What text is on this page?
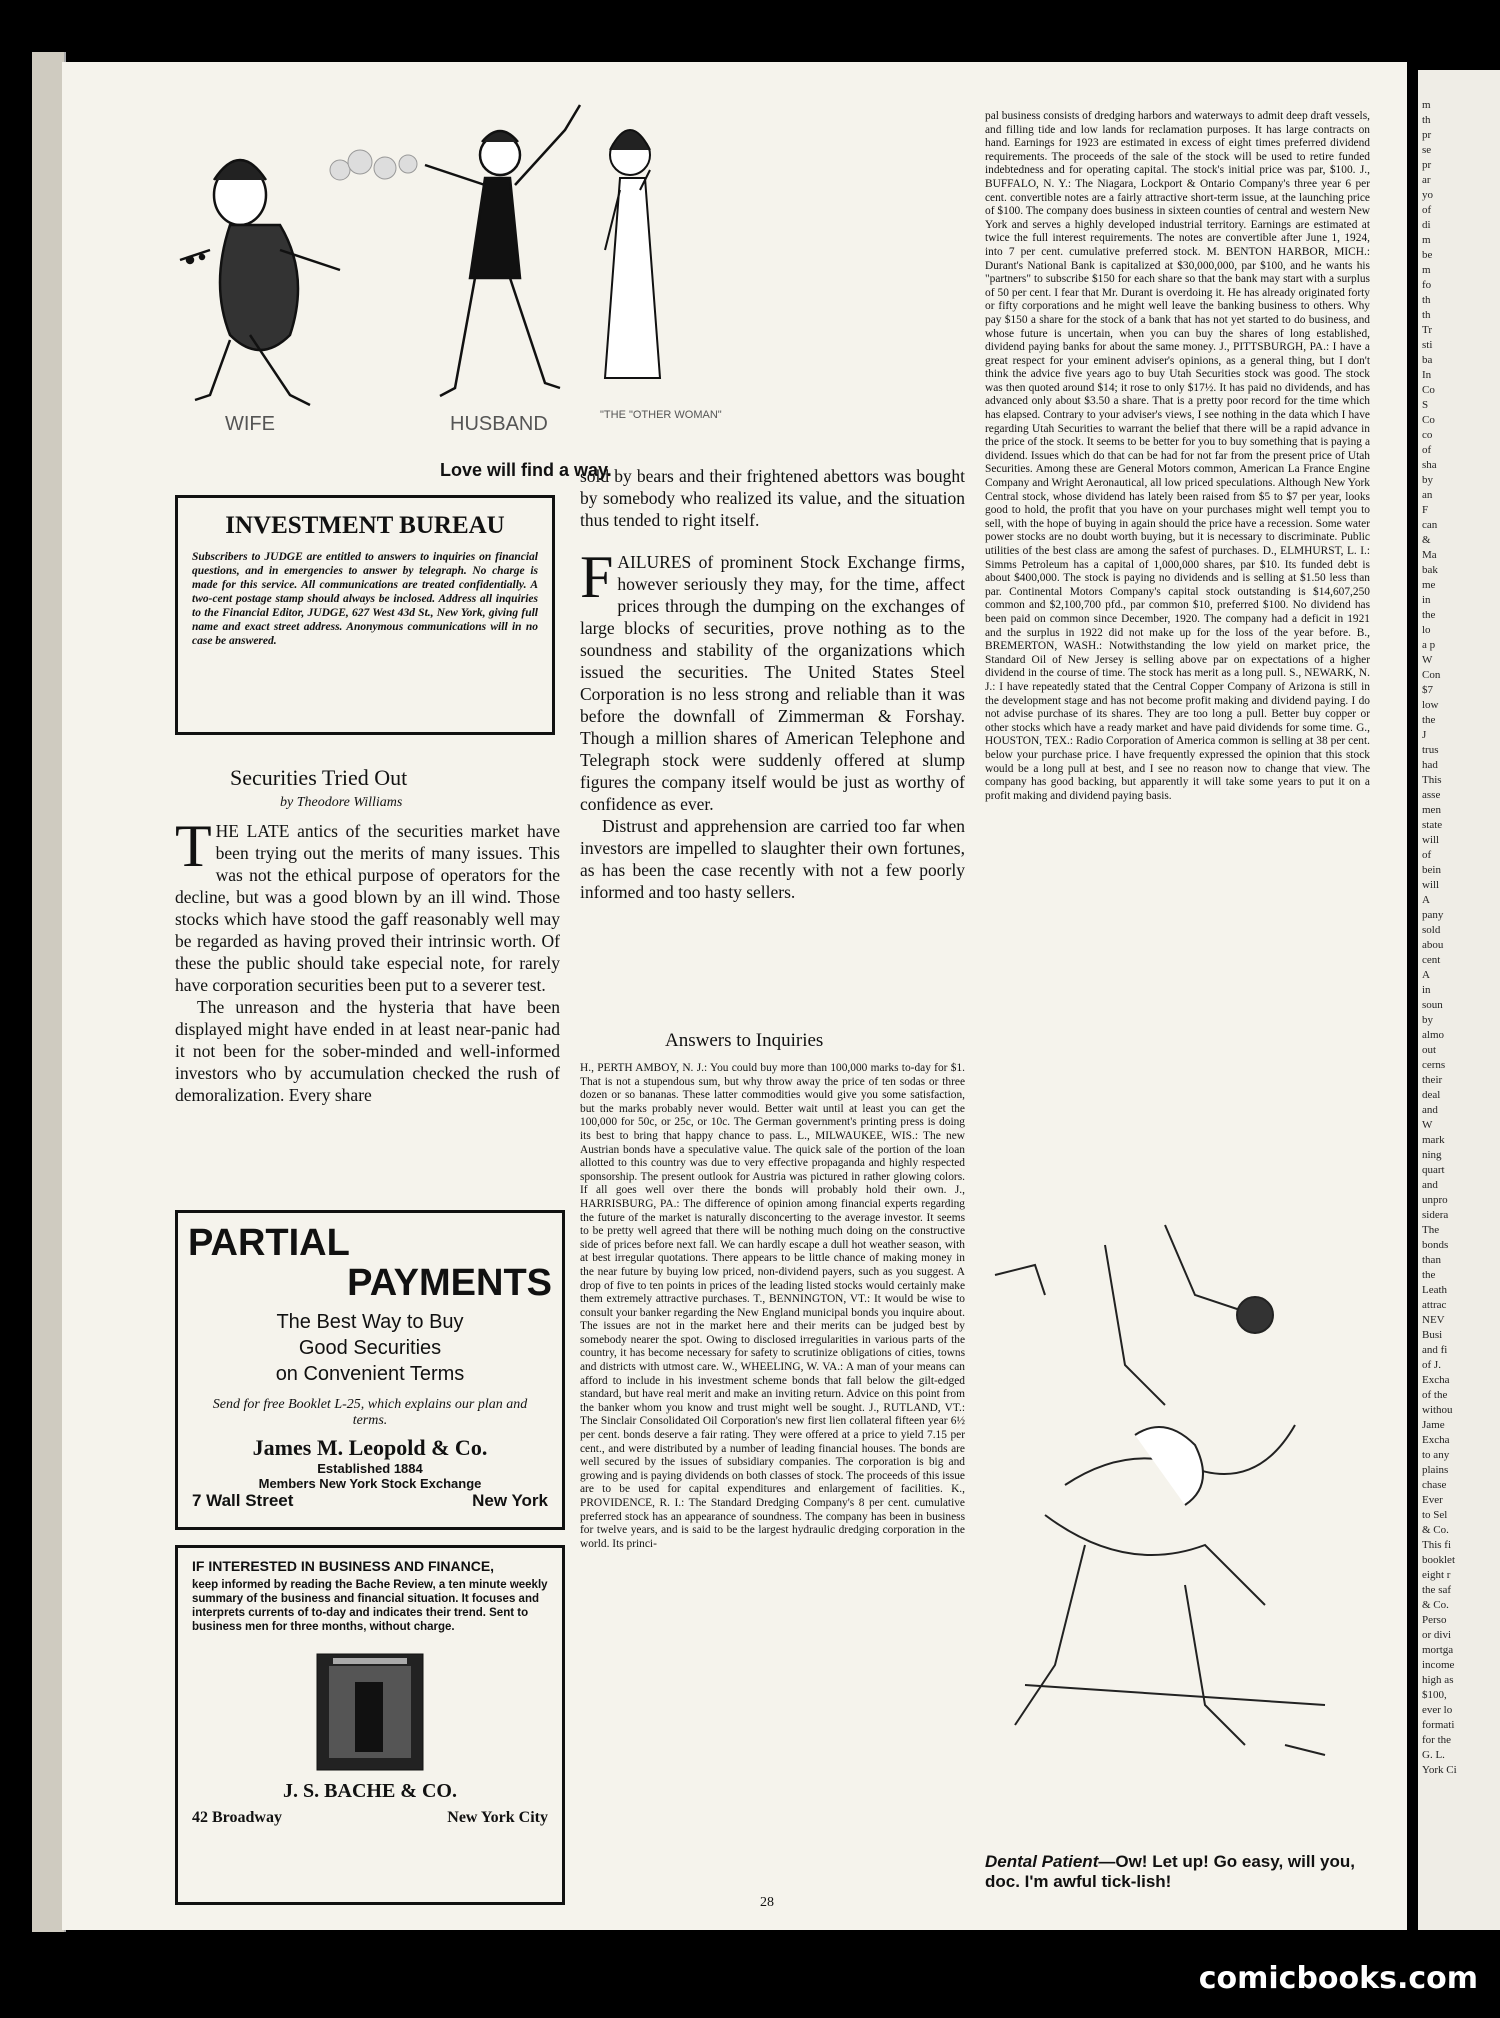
WIFE	HUSBAND	"THE "OTHER WOMAN"
Love will find a way.
INVESTMENT BUREAU

Subscribers to JUDGE are entitled to answers to inquiries on financial questions, and in emergencies to answer by telegraph. No charge is made for this service. All communications are treated confidentially. A two-cent postage stamp should always be inclosed. Address all inquiries to the Financial Editor, JUDGE, 627 West 43d St., New York, giving full name and exact street address. Anonymous communications will in no case be answered.

Securities Tried Out
by Theodore Williams
T HE LATE antics of the securities market have been trying out the merits of many issues. This was not the ethical purpose of operators for the decline, but was a good blown by an ill wind. Those stocks which have stood the gaff reasonably well may be regarded as having proved their intrinsic worth. Of these the public should take especial note, for rarely have corporation securities been put to a severer test.
The unreason and the hysteria that have been displayed might have ended in at least near-panic had it not been for the sober-minded and well-informed investors who by accumulation checked the rush of demoralization. Every share
PARTIAL
PAYMENTS
The Best Way to Buy
Good Securities
on Convenient Terms
Send for free Booklet L-25, which explains our plan and terms.
James M. Leopold & Co.
Established 1884
Members New York Stock Exchange
7 Wall Street	New York
IF INTERESTED IN BUSINESS AND FINANCE,
keep informed by reading the Bache Review, a ten minute weekly summary of the business and financial situation. It focuses and interprets currents of to-day and indicates their trend. Sent to business men for three months, without charge.
J. S. BACHE & CO.
42 Broadway	New York City
sold by bears and their frightened abettors was bought by somebody who realized its value, and the situation thus tended to right itself.
FAILURES of prominent Stock Exchange firms, however seriously they may, for the time, affect prices through the dumping on the exchanges of large blocks of securities, prove nothing as to the soundness and stability of the organizations which issued the securities. The United States Steel Corporation is no less strong and reliable than it was before the downfall of Zimmerman & Forshay. Though a million shares of American Telephone and Telegraph stock were suddenly offered at slump figures the company itself would be just as worthy of confidence as ever.
Distrust and apprehension are carried too far when investors are impelled to slaughter their own fortunes, as has been the case recently with not a few poorly informed and too hasty sellers.
Answers to Inquiries
H., PERTH AMBOY, N. J.: You could buy more than 100,000 marks to-day for $1. That is not a stupendous sum, but why throw away the price of ten sodas or three dozen or so bananas. These latter commodities would give you some satisfaction, but the marks probably never would. Better wait until at least you can get the 100,000 for 50c, or 25c, or 10c. The German government's printing press is doing its best to bring that happy chance to pass. L., MILWAUKEE, WIS.: The new Austrian bonds have a speculative value. The quick sale of the portion of the loan allotted to this country was due to very effective propaganda and highly respected sponsorship. The present outlook for Austria was pictured in rather glowing colors. If all goes well over there the bonds will probably hold their own. J., HARRISBURG, PA.: The difference of opinion among financial experts regarding the future of the market is naturally disconcerting to the average investor. It seems to be pretty well agreed that there will be nothing much doing on the constructive side of prices before next fall. We can hardly escape a dull hot weather season, with at best irregular quotations. There appears to be little chance of making money in the near future by buying low priced, non-dividend payers, such as you suggest. A drop of five to ten points in prices of the leading listed stocks would certainly make them extremely attractive purchases. T., BENNINGTON, VT.: It would be wise to consult your banker regarding the New England municipal bonds you inquire about. The issues are not in the market here and their merits can be judged best by somebody nearer the spot. Owing to disclosed irregularities in various parts of the country, it has become necessary for safety to scrutinize obligations of cities, towns and districts with utmost care. W., WHEELING, W. VA.: A man of your means can afford to include in his investment scheme bonds that fall below the gilt-edged standard, but have real merit and make an inviting return. Advice on this point from the banker whom you know and trust might well be sought. J., RUTLAND, VT.: The Sinclair Consolidated Oil Corporation's new first lien collateral fifteen year 6½ per cent. bonds deserve a fair rating. They were offered at a price to yield 7.15 per cent., and were distributed by a number of leading financial houses. The bonds are well secured by the issues of subsidiary companies. The corporation is big and growing and is paying dividends on both classes of stock. The proceeds of this issue are to be used for capital expenditures and enlargement of facilities. K., PROVIDENCE, R. I.: The Standard Dredging Company's 8 per cent. cumulative preferred stock has an appearance of soundness. The company has been in business for twelve years, and is said to be the largest hydraulic dredging corporation in the world. Its princi-
pal business consists of dredging harbors and waterways to admit deep draft vessels, and filling tide and low lands for reclamation purposes. It has large contracts on hand. Earnings for 1923 are estimated in excess of eight times preferred dividend requirements. The proceeds of the sale of the stock will be used to retire funded indebtedness and for operating capital. The stock's initial price was par, $100. J., BUFFALO, N. Y.: The Niagara, Lockport & Ontario Company's three year 6 per cent. convertible notes are a fairly attractive short-term issue, at the launching price of $100. The company does business in sixteen counties of central and western New York and serves a highly developed industrial territory. Earnings are estimated at twice the full interest requirements. The notes are convertible after June 1, 1924, into 7 per cent. cumulative preferred stock. M. BENTON HARBOR, MICH.: Durant's National Bank is capitalized at $30,000,000, par $100, and he wants his "partners" to subscribe $150 for each share so that the bank may start with a surplus of 50 per cent. I fear that Mr. Durant is overdoing it. He has already originated forty or fifty corporations and he might well leave the banking business to others. Why pay $150 a share for the stock of a bank that has not yet started to do business, and whose future is uncertain, when you can buy the shares of long established, dividend paying banks for about the same money. J., PITTSBURGH, PA.: I have a great respect for your eminent adviser's opinions, as a general thing, but I don't think the advice five years ago to buy Utah Securities stock was good. The stock was then quoted around $14; it rose to only $17½. It has paid no dividends, and has advanced only about $3.50 a share. That is a pretty poor record for the time which has elapsed. Contrary to your adviser's views, I see nothing in the data which I have regarding Utah Securities to warrant the belief that there will be a rapid advance in the price of the stock. It seems to be better for you to buy something that is paying a dividend. Issues which do that can be had for not far from the present price of Utah Securities. Among these are General Motors common, American La France Engine Company and Wright Aeronautical, all low priced speculations. Although New York Central stock, whose dividend has lately been raised from $5 to $7 per year, looks good to hold, the profit that you have on your purchases might well tempt you to sell, with the hope of buying in again should the price have a recession. Some water power stocks are no doubt worth buying, but it is necessary to discriminate. Public utilities of the best class are among the safest of purchases. D., ELMHURST, L. I.: Simms Petroleum has a capital of 1,000,000 shares, par $10. Its funded debt is about $400,000. The stock is paying no dividends and is selling at $1.50 less than par. Continental Motors Company's capital stock outstanding is $14,607,250 common and $2,100,700 pfd., par common $10, preferred $100. No dividend has been paid on common since December, 1920. The company had a deficit in 1921 and the surplus in 1922 did not make up for the loss of the year before. B., BREMERTON, WASH.: Notwithstanding the low yield on market price, the Standard Oil of New Jersey is selling above par on expectations of a higher dividend in the course of time. The stock has merit as a long pull. S., NEWARK, N. J.: I have repeatedly stated that the Central Copper Company of Arizona is still in the development stage and has not become profit making and dividend paying. I do not advise purchase of its shares. They are too long a pull. Better buy copper or other stocks which have a ready market and have paid dividends for some time. G., HOUSTON, TEX.: Radio Corporation of America common is selling at 38 per cent. below your purchase price. I have frequently expressed the opinion that this stock would be a long pull at best, and I see no reason now to change that view. The company has good backing, but apparently it will take some years to put it on a profit making and dividend paying basis.
Dental Patient—Ow! Let up! Go easy, will you, doc. I'm awful tick-lish!
28
m
th
pr
se
pr
ar
yo
of
di
m
be
m
fo
th
th
Tr
sti
ba
In
Co
S
Co
co
of
sha
by
an
F
can
&
Ma
bak
me
in
the
lo
a p
W
Con
$7
low
the
J
trus
had
This
asse
men
state
will
of
bein
will
A
pany
sold
abou
cent
A
in
soun
by
almo
out
cerns
their
deal
and
W
mark
ning
quart
and
unpro
sidera
The
bonds
than
the
Leath
attrac
NEV
Busi
and fi
of J.
Excha
of the
withou
Jame
Excha
to any
plains
chase
Ever
to Sel
& Co.
This fi
booklet
eight r
the saf
& Co.
Perso
or divi
mortga
income
high as
$100,
ever lo
formati
for the
G. L.
York Ci
comicbooks.com
